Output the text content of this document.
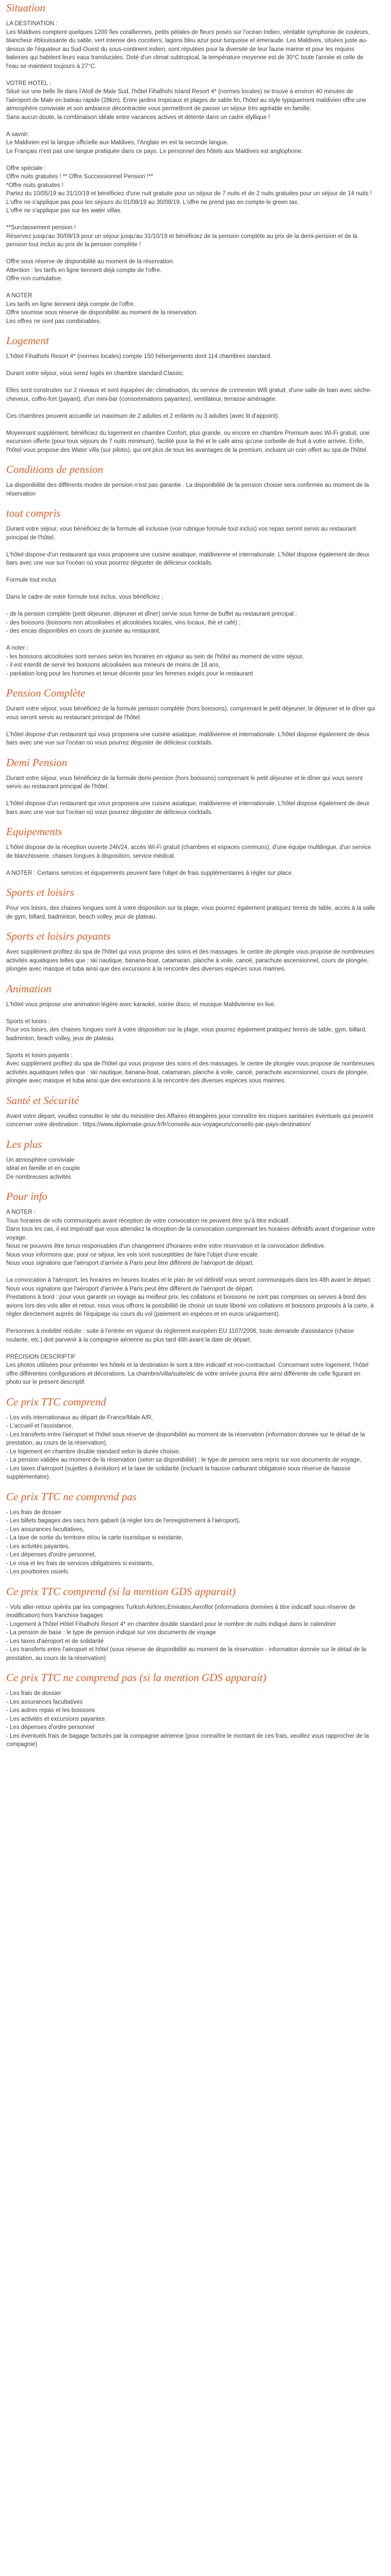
Situation

LA DESTINATION :

Les Maldives comptent quelques 1200 îles coralliennes, petits pétales de fleurs posés sur l'océan Indien, véritable symphonie de couleurs, blancheur éblouissante du sable, vert intense des cocotiers, lagons bleu azur pour turquoise et émeraude. Les Maldives, situées juste au-dessus de l'équateur au Sud-Ouest du sous-continent indien, sont réputées pour la diversité de leur faune marine et pour les requins baleines qui habitent leurs eaux translucides. Doté d'un climat subtropical, la température moyenne est de 30°C toute l'année et celle de l'eau se maintient toujours à 27°C.

VOTRE HOTEL :

Situé sur une belle île dans l'Atoll de Male Sud, l'hôtel Fihalhohi Island Resort 4* (normes locales) se trouve à environ 40 minutes de l'aéroport de Male en bateau rapide (28km). Entre jardins tropicaux et plages de sable fin, l'hôtel au style typiquement maldivien offre une atmosphère conviviale et son ambiance décontractée vous permettront de passer un séjour très agréable en famille.

Sans aucun doute, la combinaison idéale entre vacances actives et détente dans un cadre idyllique !

A savoir:

Le Maldivien est la langue officielle aux Maldives, l'Anglais en est la seconde langue.

Le Français n'est pas une langue pratiquée dans ce pays. Le personnel des hôtels aux Maldives est anglophone.

Offre spéciale :

Offre nuits gratuites ! ** Offre Successionnel Pension !**

*Offre nuits gratuites !

Partez du 10/05/19 au 31/10/19 et bénéficiez d'une nuit gratuite pour un séjour de 7 nuits et de 2 nuits gratuites pour un séjour de 14 nuits !

L'offre ne s'applique pas pour les séjours du 01/08/19 au 30/08/19. L'offre ne prend pas en compte le green tax.

L'offre ne s'applique pas sur les water villas.

**Surclassement pension !

Réservez jusqu'au 30/09/19 pour un séjour jusqu'au 31/10/19 et bénéficiez de la pension complète au prix de la demi-pension et de la pension tout inclus au prix de la pension complète !

Offre sous réserve de disponibilité au moment de la réservation.

Attention : les tarifs en ligne tiennent déjà compte de l'offre.

Offre non cumulative.

A NOTER

Les tarifs en ligne tiennent déjà compte de l'offre.

Offre soumise sous réserve de disponibilité au moment de la réservation.

Les offres ne sont pas combinables.

Logement

L'hôtel Fihalhohi Resort 4* (normes locales) compte 150 hébergements dont 114 chambres standard.

Durant votre séjour, vous serez logés en chambre standard Classic.

Elles sont construites sur 2 niveaux et sont équipées de: climatisation, du service de connexion Wifi gratuit, d'une salle de bain avec sèche-cheveux, coffre-fort (payant), d'un mini-bar (consommations payantes), ventilateur, terrasse aménagée.

Ces chambres peuvent accueillir un maximum de 2 adultes et 2 enfants ou 3 adultes (avec lit d'appoint).

Moyennant supplément, bénéficiez du logement en chambre Confort, plus grande, ou encore en chambre Premium avec Wi-Fi gratuit, une excursion offerte (pour tous séjours de 7 nuits minimum), facilité pour la thé et le café ainsi qu'une corbeille de fruit à votre arrivée. Enfin, l'hôtel vous propose des Water villa (sur pilotis), qui ont plus de tous les avantages de la premium, incluant un coin offert au spa de l'hôtel.

Conditions de pension

La disponibilité des différents modes de pension n'est pas garantie . La disponibilité de la pension choisie sera confirmée au moment de la réservation

tout compris

Durant votre séjour, vous bénéficiez de la formule all inclusive (voir rubrique formule tout inclus) vos repas seront servis au restaurant principal de l'hôtel.

L'hôtel dispose d'un restaurant qui vous proposera une cuisine asiatique, maldivienne et internationale. L'hôtel dispose également de deux bars avec une vue sur l'océan où vous pourrez déguster de délicieux cocktails.

Formule tout inclus

Dans le cadre de votre formule tout inclus, vous bénéficiez :

- de la pension complète (petit déjeuner, déjeuner et dîner) servie sous forme de buffet au restaurant principal ;

- des boissons (boissons non alcoolisées et alcoolisées locales, vins locaux, thé et café) ;

- des encas disponibles en cours de journée au restaurant.

A noter :

- les boissons alcoolisées sont servies selon les horaires en vigueur au sein de l'hôtel au moment de votre séjour,

- il est interdit de servir les boissons alcoolisées aux mineurs de moins de 18 ans,

- paréation long pour les hommes et tenue décente pour les femmes exigés pour le restaurant

Pension Complète

Durant votre séjour, vous bénéficiez de la formule pension complète (hors boissons), comprenant le petit déjeuner, le déjeuner et le dîner qui vous seront servis au restaurant principal de l'hôtel.

L'hôtel dispose d'un restaurant qui vous proposera une cuisine asiatique, maldivienne et internationale. L'hôtel dispose également de deux bars avec une vue sur l'océan où vous pourrez déguster de délicieux cocktails.

Demi Pension

Durant votre séjour, vous bénéficiez de la formule demi-pension (hors boissons) comprenant le petit déjeuner et le dîner qui vous seront servis au restaurant principal de l'hôtel.

L'hôtel dispose d'un restaurant qui vous proposera une cuisine asiatique, maldivienne et internationale. L'hôtel dispose également de deux bars avec une vue sur l'océan où vous pourrez déguster de délicieux cocktails.

Equipements

L'hôtel dispose de la réception ouverte 24h/24, accès Wi-Fi gratuit (chambres et espaces communs), d'une équipe multilingue, d'un service de blanchisserie, chaises longues à disposition, service médical.

A NOTER : Certains services et équipements peuvent faire l'objet de frais supplémentaires à régler sur place.

Sports et loisirs

Pour vos loisirs, des chaises longues sont à votre disposition sur la plage, vous pourrez également pratiquez tennis de table, accès à la salle de gym, billard, badminton, beach volley, jeux de plateau.

Sports et loisirs payants

Avec supplément profitez du spa de l'hôtel qui vous propose des soins et des massages. le centre de plongée vous propose de nombreuses activités aquatiques telles que : ski nautique, banana-boat, catamaran, planche à voile, canoë, parachute ascensionnel, cours de plongée, plongée avec masque et tuba ainsi que des excursions à la rencontre des diverses espèces sous marines.

Animation

L'hôtel vous propose une animation légère avec karaoké, soirée disco, et musique Maldivienne en live.

Sports et loisirs :

Pour vos loisirs, des chaises longues sont à votre disposition sur la plage, vous pourrez également pratiquez tennis de table, gym, billard, badminton, beach volley, jeux de plateau.

Sports et loisirs payants :

Avec supplément profitez du spa de l'hôtel qui vous propose des soins et des massages. le centre de plongée vous propose de nombreuses activités aquatiques telles que : ski nautique, banana-boat, catamaran, planche à voile, canoë, parachute ascensionnel, cours de plongée, plongée avec masque et tuba ainsi que des excursions à la rencontre des diverses espèces sous marines.

Santé et Sécurité

Avant votre départ, veuillez consulter le site du ministère des Affaires étrangères pour connaître les risques sanitaires éventuels qui peuvent concerner votre destination : https://www.diplomatie.gouv.fr/fr/conseils-aux-voyageurs/conseils-par-pays-destination/

Les plus

Un atmosphère conviviale

Idéal en famille et en couple

De nombreuses activités

Pour info

A NOTER :

Tous horaires de vols communiqués avant réception de votre convocation ne peuvent être qu'à titre indicatif.

Dans tous les cas, il est impératif que vous attendiez la réception de la convocation comprenant les horaires définitifs avant d'organiser votre voyage.

Nous ne pouvons être tenus responsables d'un changement d'horaires entre votre réservation et la convocation définitive.

Nous vous informons que, pour ce séjour, les vols sont susceptibles de faire l'objet d'une escale.

Nous vous signalons que l'aéroport d'arrivée à Paris peut être différent de l'aéroport de départ.

La convocation à l'aéroport, les horaires en heures locales et le plan de vol définitif vous seront communiqués dans les 48h avant le départ.

Nous vous signalons que l'aéroport d'arrivée à Paris peut être différent de l'aéroport de départ.

Prestations à bord : pour vous garantir un voyage au meilleur prix, les collations et boissons ne sont pas comprises ou servies à bord des avions lors des vols aller et retour, nous vous offrons la possibilité de choisir un toute liberté vos collations et boissons proposés à la carte, à régler directement auprès de l'équipage ou cours du vol (paiement en espèces et en euros uniquement).

Personnes à mobilité réduite : suite à l'entrée en vigueur du règlement européen EU 1107/2006, toute demande d'assistance (chaise roulante, etc.) doit parvenir à la compagnie aérienne au plus tard 48h avant la date de départ.

PRÉCISION DESCRIPTIF

Les photos utilisées pour présenter les hôtels et la destination le sont à titre indicatif et non-contractuel. Concernant votre logement, l'hôtel offre différentes configurations et décorations. La chambre/villa/suite/etc de votre arrivée pourra être ainsi différente de celle figurant en photo sur le présent descriptif.

Ce prix TTC comprend

- Les vols internationaux au départ de France/Male A/R,

- L'accueil et l'assistance,

- Les transferts entre l'aéroport et l'hôtel sous réserve de disponibilité au moment de la réservation (information donnée sur le détail de la prestation, au cours de la réservation),

- Le logement en chambre double standard selon la durée choisie,

- La pension validée au moment de la réservation (selon sa disponibilité) : le type de pension sera repris sur vos documents de voyage,

- Les taxes d'aéroport (sujettes à évolution) et la taxe de solidarité (incluant la hausse carburant obligatoire sous réserve de hausse supplémentaire).

Ce prix TTC ne comprend pas

- Les frais de dossier

- Les billets bagages des sacs hors gabarit (à régler lors de l'enregistrement à l'aéroport),

- Les assurances facultatives,

- La taxe de sortie du territoire et/ou la carte touristique si existante,

- Les activités payantes,

- Les dépenses d'ordre personnel,

- Le visa et les frais de services obligatoires si existants,

- Les pourboires usuels.

Ce prix TTC comprend (si la mention GDS apparait)

- Vols aller-retour opérés par les compagnies Turkish Airlines,Emirates,Aeroflot (informations données à titre indicatif sous réserve de modification) hors franchise bagages

- Logement à l'hôtel Hôtel Fihalhohi Resort 4* en chambre double standard pour le nombre de nuits indiqué dans le calendrier

- La pension de base : le type de pension indiqué sur vos documents de voyage

- Les taxes d'aéroport et de solidarité

- Les transferts entre l'aéroport et hôtel (sous réserve de disponibilité au moment de la réservation - information donnée sur le détail de la prestation, au cours de la réservation)

Ce prix TTC ne comprend pas (si la mention GDS apparait)

- Les frais de dossier

- Les assurances facultatives

- Les autres repas et les boissons

- Les activités et excursions payantes

- Les dépenses d'ordre personnel

- Les éventuels frais de bagage facturés par la compagnie aérienne (pour connaître le montant de ces frais, veuillez vous rapprocher de la compagnie)
